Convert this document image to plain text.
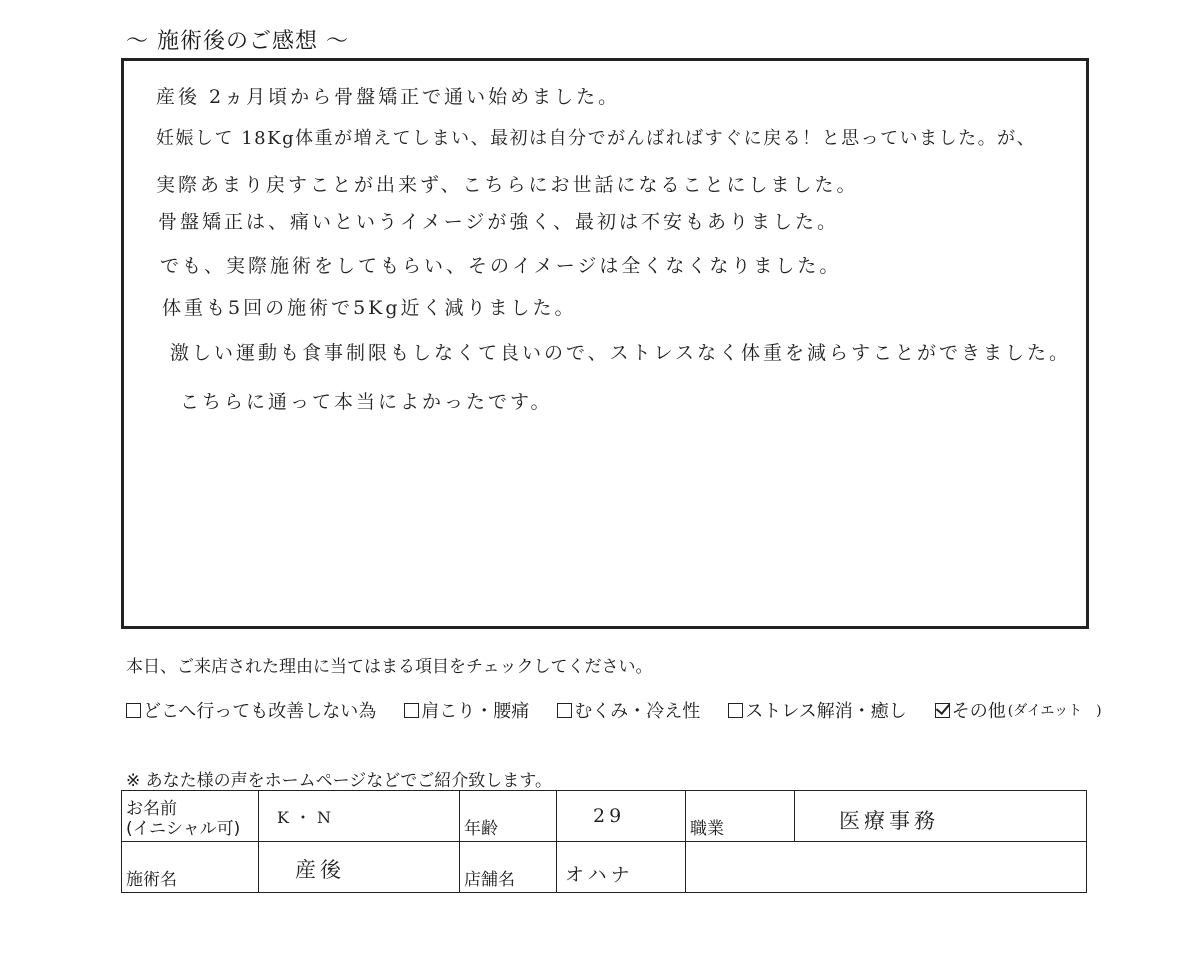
～ 施術後のご感想 ～
産後 2ヵ月頃から骨盤矯正で通い始めました。
妊娠して 18Kg体重が増えてしまい、最初は自分でがんばればすぐに戻る！と思っていました。が、
実際あまり戻すことが出来ず、こちらにお世話になることにしました。
骨盤矯正は、痛いというイメージが強く、最初は不安もありました。
でも、実際施術をしてもらい、そのイメージは全くなくなりました。
体重も5回の施術で5Kg近く減りました。
激しい運動も食事制限もしなくて良いので、ストレスなく体重を減らすことができました。
こちらに通って本当によかったです。
本日、ご来店された理由に当てはまる項目をチェックしてください。
どこへ行っても改善しない為	肩こり・腰痛	むくみ・冷え性	ストレス解消・癒し	その他 (ダイエット　)
※ あなた様の声をホームページなどでご紹介致します。
お名前
(イニシャル可)	K・N	年齢	29	職業	医療事務

施術名	産後	店舗名	オハナ		
